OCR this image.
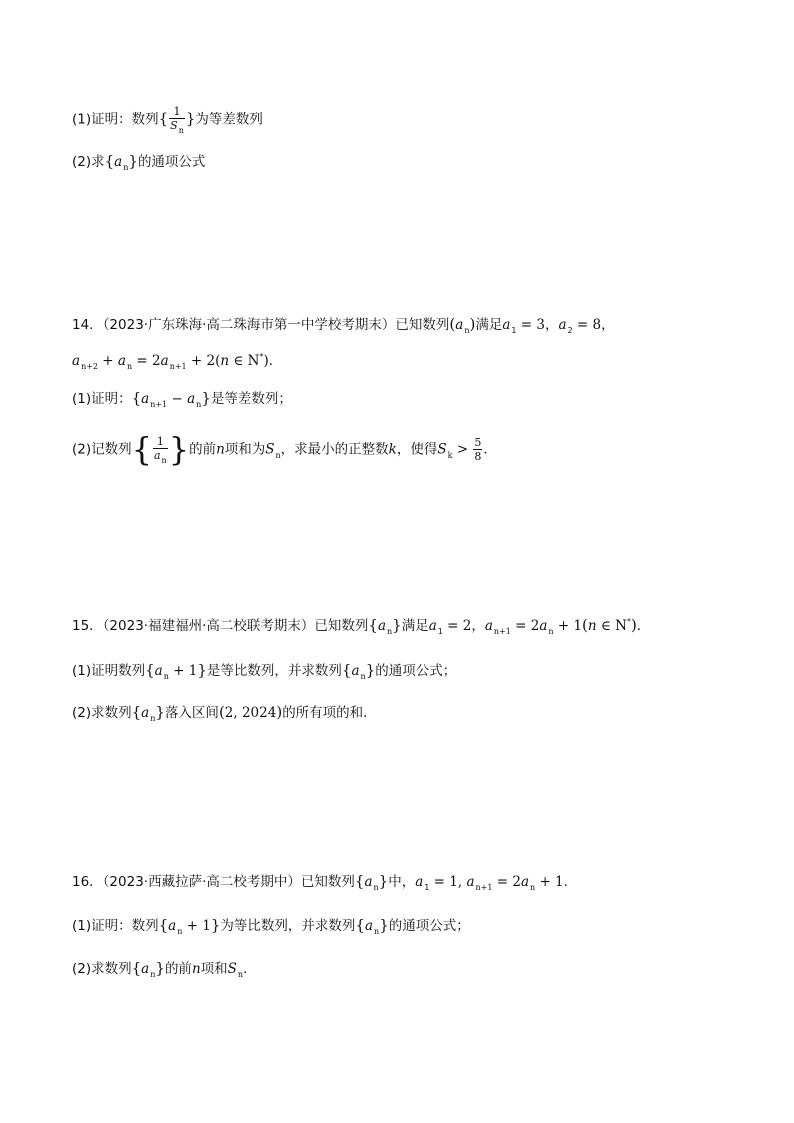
(1)证明：数列{ $\frac{1}{S_n}$ }为等差数列
(2)求$\{a_n\}$的通项公式
14．（2023·广东珠海·高二珠海市第一中学校考期末）已知数列$(a_n)$满足$a_1 = 3$，$a_2 = 8$，
$a_{n+2} + a_n = 2a_{n+1} + 2(n$ ∈ N*)．
(1)证明：$\{a_{n+1} - a_n\}$是等差数列；
(2)记数列{ $\frac{1}{a_n}$ }的前n项和为$S_n$，求最小的正整数k，使得$S_k > \frac{5}{8}$ ．
15．（2023·福建福州·高二校联考期末）已知数列$\{a_n\}$满足$a_1 = 2$，$a_{n+1} = 2a_n + 1(n$ ∈ N*)．
(1)证明数列$\{a_n + 1\}$是等比数列，并求数列$\{a_n\}$的通项公式；
(2)求数列$\{a_n\}$落入区间(2, 2024)的所有项的和．
16．（2023·西藏拉萨·高二校考期中）已知数列$\{a_n\}$中，$a_1 = 1$, $a_{n+1} = 2a_n + 1$.
(1)证明：数列$\{a_n + 1\}$为等比数列，并求数列$\{a_n\}$的通项公式；
(2)求数列$\{a_n\}$的前n项和$S_n$.
